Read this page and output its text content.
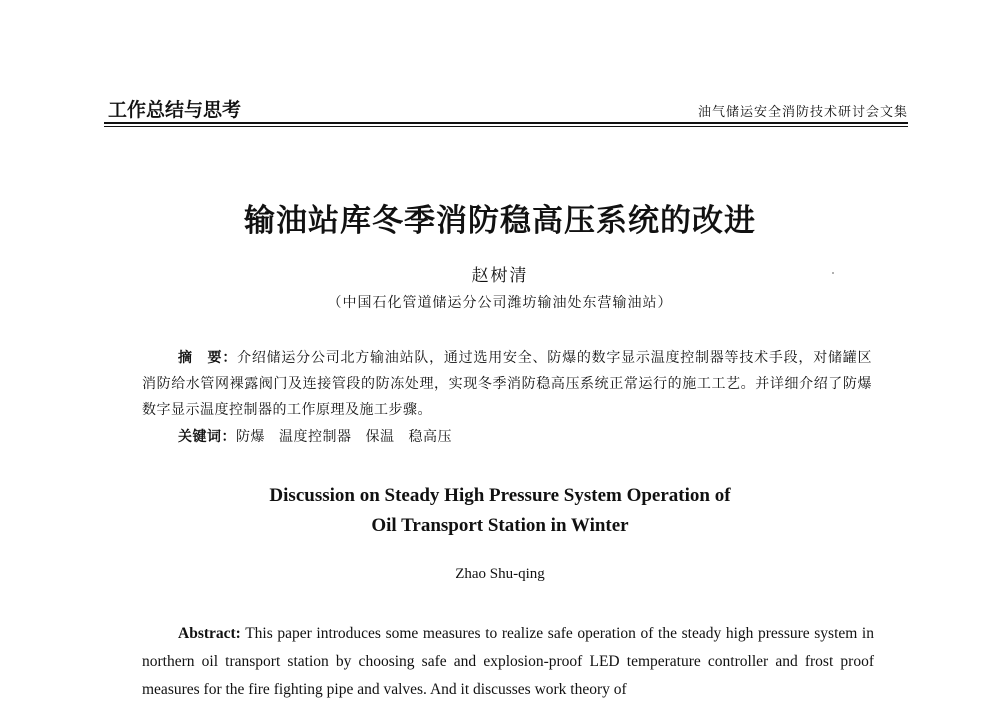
工作总结与思考	油气储运安全消防技术研讨会文集
输油站库冬季消防稳高压系统的改进
赵树清
（中国石化管道储运分公司潍坊输油处东营输油站）
摘　要：介绍储运分公司北方输油站队，通过选用安全、防爆的数字显示温度控制器等技术手段，对储罐区消防给水管网裸露阀门及连接管段的防冻处理，实现冬季消防稳高压系统正常运行的施工工艺。并详细介绍了防爆数字显示温度控制器的工作原理及施工步骤。
关键词：防爆 温度控制器 保温 稳高压
Discussion on Steady High Pressure System Operation of
Oil Transport Station in Winter
Zhao Shu-qing
Abstract: This paper introduces some measures to realize safe operation of the steady high pressure system in northern oil transport station by choosing safe and explosion-proof LED temperature controller and frost proof measures for the fire fighting pipe and valves. And it discusses work theory of
